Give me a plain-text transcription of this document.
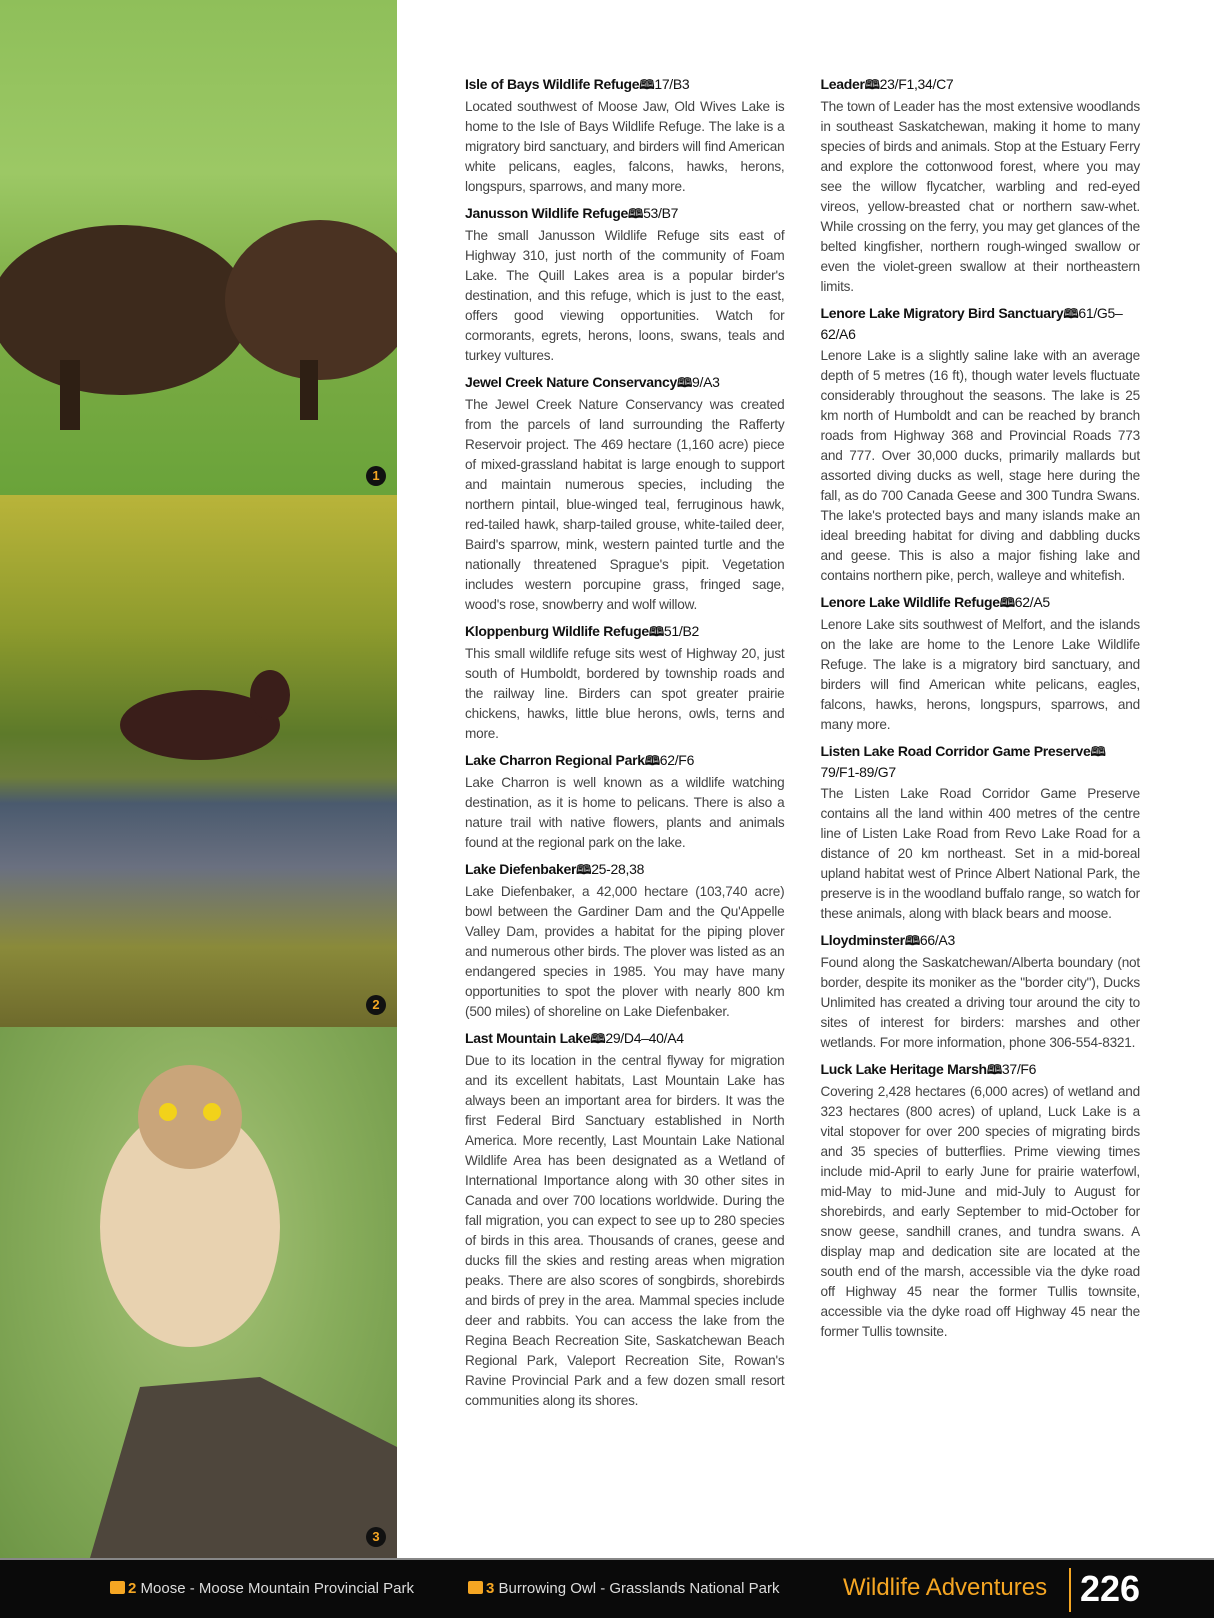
1
2
3
Isle of Bays Wildlife Refuge🕮17/B3

Located southwest of Moose Jaw, Old Wives Lake is home to the Isle of Bays Wildlife Refuge. The lake is a migratory bird sanctuary, and birders will find American white pelicans, eagles, falcons, hawks, herons, longspurs, sparrows, and many more.

Janusson Wildlife Refuge🕮53/B7

The small Janusson Wildlife Refuge sits east of Highway 310, just north of the community of Foam Lake. The Quill Lakes area is a popular birder's destination, and this refuge, which is just to the east, offers good viewing opportunities. Watch for cormorants, egrets, herons, loons, swans, teals and turkey vultures.

Jewel Creek Nature Conservancy🕮9/A3

The Jewel Creek Nature Conservancy was created from the parcels of land surrounding the Rafferty Reservoir project. The 469 hectare (1,160 acre) piece of mixed-grassland habitat is large enough to support and maintain numerous species, including the northern pintail, blue-winged teal, ferruginous hawk, red-tailed hawk, sharp-tailed grouse, white-tailed deer, Baird's sparrow, mink, western painted turtle and the nationally threatened Sprague's pipit. Vegetation includes western porcupine grass, fringed sage, wood's rose, snowberry and wolf willow.

Kloppenburg Wildlife Refuge🕮51/B2

This small wildlife refuge sits west of Highway 20, just south of Humboldt, bordered by township roads and the railway line. Birders can spot greater prairie chickens, hawks, little blue herons, owls, terns and more.

Lake Charron Regional Park🕮62/F6

Lake Charron is well known as a wildlife watching destination, as it is home to pelicans. There is also a nature trail with native flowers, plants and animals found at the regional park on the lake.

Lake Diefenbaker🕮25-28,38

Lake Diefenbaker, a 42,000 hectare (103,740 acre) bowl between the Gardiner Dam and the Qu'Appelle Valley Dam, provides a habitat for the piping plover and numerous other birds. The plover was listed as an endangered species in 1985. You may have many opportunities to spot the plover with nearly 800 km (500 miles) of shoreline on Lake Diefenbaker.

Last Mountain Lake🕮29/D4–40/A4

Due to its location in the central flyway for migration and its excellent habitats, Last Mountain Lake has always been an important area for birders. It was the first Federal Bird Sanctuary established in North America. More recently, Last Mountain Lake National Wildlife Area has been designated as a Wetland of International Importance along with 30 other sites in Canada and over 700 locations worldwide. During the fall migration, you can expect to see up to 280 species of birds in this area. Thousands of cranes, geese and ducks fill the skies and resting areas when migration peaks. There are also scores of songbirds, shorebirds and birds of prey in the area. Mammal species include deer and rabbits. You can access the lake from the Regina Beach Recreation Site, Saskatchewan Beach Regional Park, Valeport Recreation Site, Rowan's Ravine Provincial Park and a few dozen small resort communities along its shores.

Leader🕮23/F1,34/C7

The town of Leader has the most extensive woodlands in southeast Saskatchewan, making it home to many species of birds and animals. Stop at the Estuary Ferry and explore the cottonwood forest, where you may see the willow flycatcher, warbling and red-eyed vireos, yellow-breasted chat or northern saw-whet. While crossing on the ferry, you may get glances of the belted kingfisher, northern rough-winged swallow or even the violet-green swallow at their northeastern limits.

Lenore Lake Migratory Bird Sanctuary🕮61/G5–62/A6

Lenore Lake is a slightly saline lake with an average depth of 5 metres (16 ft), though water levels fluctuate considerably throughout the seasons. The lake is 25 km north of Humboldt and can be reached by branch roads from Highway 368 and Provincial Roads 773 and 777. Over 30,000 ducks, primarily mallards but assorted diving ducks as well, stage here during the fall, as do 700 Canada Geese and 300 Tundra Swans. The lake's protected bays and many islands make an ideal breeding habitat for diving and dabbling ducks and geese. This is also a major fishing lake and contains northern pike, perch, walleye and whitefish.

Lenore Lake Wildlife Refuge🕮62/A5

Lenore Lake sits southwest of Melfort, and the islands on the lake are home to the Lenore Lake Wildlife Refuge. The lake is a migratory bird sanctuary, and birders will find American white pelicans, eagles, falcons, hawks, herons, longspurs, sparrows, and many more.

Listen Lake Road Corridor Game Preserve🕮79/F1-89/G7

The Listen Lake Road Corridor Game Preserve contains all the land within 400 metres of the centre line of Listen Lake Road from Revo Lake Road for a distance of 20 km northeast. Set in a mid-boreal upland habitat west of Prince Albert National Park, the preserve is in the woodland buffalo range, so watch for these animals, along with black bears and moose.

Lloydminster🕮66/A3

Found along the Saskatchewan/Alberta boundary (not border, despite its moniker as the "border city"), Ducks Unlimited has created a driving tour around the city to sites of interest for birders: marshes and other wetlands. For more information, phone 306-554-8321.

Luck Lake Heritage Marsh🕮37/F6

Covering 2,428 hectares (6,000 acres) of wetland and 323 hectares (800 acres) of upland, Luck Lake is a vital stopover for over 200 species of migrating birds and 35 species of butterflies. Prime viewing times include mid-April to early June for prairie waterfowl, mid-May to mid-June and mid-July to August for shorebirds, and early September to mid-October for snow geese, sandhill cranes, and tundra swans. A display map and dedication site are located at the south end of the marsh, accessible via the dyke road off Highway 45 near the former Tullis townsite, accessible via the dyke road off Highway 45 near the former Tullis townsite.

2 Moose - Moose Mountain Provincial Park	3 Burrowing Owl - Grasslands National Park	Wildlife Adventures 226
